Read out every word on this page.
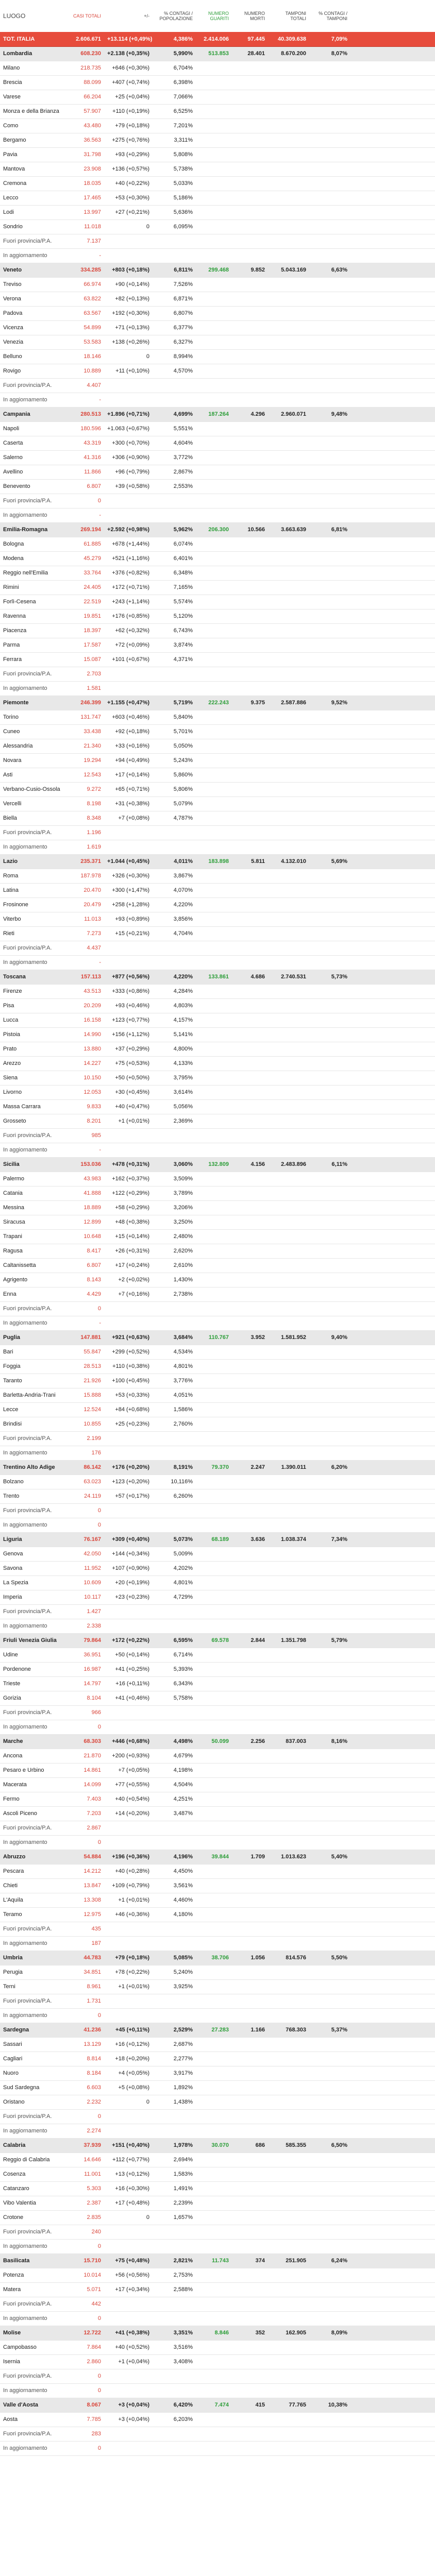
LUOGO	CASI TOTALI	+/-	% CONTAGI / POPOLAZIONE	NUMERO GUARITI	NUMERO MORTI	TAMPONI TOTALI	% CONTAGI / TAMPONI		
TOT. ITALIA	2.606.671	+13.114 (+0,49%)	4,386%	2.414.006	97.445	40.309.638	7,09%		
Lombardia	608.230	+2.138 (+0,35%)	5,990%	513.853	28.401	8.670.200	8,07%		
Milano	218.735	+646 (+0,30%)	6,704%						
Brescia	88.099	+407 (+0,74%)	6,398%						
Varese	66.204	+25 (+0,04%)	7,066%						
Monza e della Brianza	57.907	+110 (+0,19%)	6,525%						
Como	43.480	+79 (+0,18%)	7,201%						
Bergamo	36.563	+275 (+0,76%)	3,311%						
Pavia	31.798	+93 (+0,29%)	5,808%						
Mantova	23.908	+136 (+0,57%)	5,738%						
Cremona	18.035	+40 (+0,22%)	5,033%						
Lecco	17.465	+53 (+0,30%)	5,186%						
Lodi	13.997	+27 (+0,21%)	5,636%						
Sondrio	11.018	0	6,095%						
Fuori provincia/P.A.	7.137								
In aggiornamento	-								
Veneto	334.285	+803 (+0,18%)	6,811%	299.468	9.852	5.043.169	6,63%		
Treviso	66.974	+90 (+0,14%)	7,526%						
Verona	63.822	+82 (+0,13%)	6,871%						
Padova	63.567	+192 (+0,30%)	6,807%						
Vicenza	54.899	+71 (+0,13%)	6,377%						
Venezia	53.583	+138 (+0,26%)	6,327%						
Belluno	18.146	0	8,994%						
Rovigo	10.889	+11 (+0,10%)	4,570%						
Fuori provincia/P.A.	4.407								
In aggiornamento	-								
Campania	280.513	+1.896 (+0,71%)	4,699%	187.264	4.296	2.960.071	9,48%		
Napoli	180.596	+1.063 (+0,67%)	5,551%						
Caserta	43.319	+300 (+0,70%)	4,604%						
Salerno	41.316	+306 (+0,90%)	3,772%						
Avellino	11.866	+96 (+0,79%)	2,867%						
Benevento	6.807	+39 (+0,58%)	2,553%						
Fuori provincia/P.A.	0								
In aggiornamento	-								
Emilia-Romagna	269.194	+2.592 (+0,98%)	5,962%	206.300	10.566	3.663.639	6,81%		
Bologna	61.885	+678 (+1,44%)	6,074%						
Modena	45.279	+521 (+1,16%)	6,401%						
Reggio nell'Emilia	33.764	+376 (+0,82%)	6,348%						
Rimini	24.405	+172 (+0,71%)	7,165%						
Forlì-Cesena	22.519	+243 (+1,14%)	5,574%						
Ravenna	19.851	+176 (+0,85%)	5,120%						
Piacenza	18.397	+62 (+0,32%)	6,743%						
Parma	17.587	+72 (+0,09%)	3,874%						
Ferrara	15.087	+101 (+0,67%)	4,371%						
Fuori provincia/P.A.	2.703								
In aggiornamento	1.581								
Piemonte	246.399	+1.155 (+0,47%)	5,719%	222.243	9.375	2.587.886	9,52%		
Torino	131.747	+603 (+0,46%)	5,840%						
Cuneo	33.438	+92 (+0,18%)	5,701%						
Alessandria	21.340	+33 (+0,16%)	5,050%						
Novara	19.294	+94 (+0,49%)	5,243%						
Asti	12.543	+17 (+0,14%)	5,860%						
Verbano-Cusio-Ossola	9.272	+65 (+0,71%)	5,806%						
Vercelli	8.198	+31 (+0,38%)	5,079%						
Biella	8.348	+7 (+0,08%)	4,787%						
Fuori provincia/P.A.	1.196								
In aggiornamento	1.619								
Lazio	235.371	+1.044 (+0,45%)	4,011%	183.898	5.811	4.132.010	5,69%		
Roma	187.978	+326 (+0,30%)	3,867%						
Latina	20.470	+300 (+1,47%)	4,070%						
Frosinone	20.479	+258 (+1,28%)	4,220%						
Viterbo	11.013	+93 (+0,89%)	3,856%						
Rieti	7.273	+15 (+0,21%)	4,704%						
Fuori provincia/P.A.	4.437								
In aggiornamento	-								
Toscana	157.113	+877 (+0,56%)	4,220%	133.861	4.686	2.740.531	5,73%		
Firenze	43.513	+333 (+0,86%)	4,284%						
Pisa	20.209	+93 (+0,46%)	4,803%						
Lucca	16.158	+123 (+0,77%)	4,157%						
Pistoia	14.990	+156 (+1,12%)	5,141%						
Prato	13.880	+37 (+0,29%)	4,800%						
Arezzo	14.227	+75 (+0,53%)	4,133%						
Siena	10.150	+50 (+0,50%)	3,795%						
Livorno	12.053	+30 (+0,45%)	3,614%						
Massa Carrara	9.833	+40 (+0,47%)	5,056%						
Grosseto	8.201	+1 (+0,01%)	2,369%						
Fuori provincia/P.A.	985								
In aggiornamento	-								
Sicilia	153.036	+478 (+0,31%)	3,060%	132.809	4.156	2.483.896	6,11%		
Palermo	43.983	+162 (+0,37%)	3,509%						
Catania	41.888	+122 (+0,29%)	3,789%						
Messina	18.889	+58 (+0,29%)	3,206%						
Siracusa	12.899	+48 (+0,38%)	3,250%						
Trapani	10.648	+15 (+0,14%)	2,480%						
Ragusa	8.417	+26 (+0,31%)	2,620%						
Caltanissetta	6.807	+17 (+0,24%)	2,610%						
Agrigento	8.143	+2 (+0,02%)	1,430%						
Enna	4.429	+7 (+0,16%)	2,738%						
Fuori provincia/P.A.	0								
In aggiornamento	-								
Puglia	147.881	+921 (+0,63%)	3,684%	110.767	3.952	1.581.952	9,40%		
Bari	55.847	+299 (+0,52%)	4,534%						
Foggia	28.513	+110 (+0,38%)	4,801%						
Taranto	21.926	+100 (+0,45%)	3,776%						
Barletta-Andria-Trani	15.888	+53 (+0,33%)	4,051%						
Lecce	12.524	+84 (+0,68%)	1,586%						
Brindisi	10.855	+25 (+0,23%)	2,760%						
Fuori provincia/P.A.	2.199								
In aggiornamento	176								
Trentino Alto Adige	86.142	+176 (+0,20%)	8,191%	79.370	2.247	1.390.011	6,20%		
Bolzano	63.023	+123 (+0,20%)	10,116%						
Trento	24.119	+57 (+0,17%)	6,260%						
Fuori provincia/P.A.	0								
In aggiornamento	0								
Liguria	76.167	+309 (+0,40%)	5,073%	68.189	3.636	1.038.374	7,34%		
Genova	42.050	+144 (+0,34%)	5,009%						
Savona	11.952	+107 (+0,90%)	4,202%						
La Spezia	10.609	+20 (+0,19%)	4,801%						
Imperia	10.117	+23 (+0,23%)	4,729%						
Fuori provincia/P.A.	1.427								
In aggiornamento	2.338								
Friuli Venezia Giulia	79.864	+172 (+0,22%)	6,595%	69.578	2.844	1.351.798	5,79%		
Udine	36.951	+50 (+0,14%)	6,714%						
Pordenone	16.987	+41 (+0,25%)	5,393%						
Trieste	14.797	+16 (+0,11%)	6,343%						
Gorizia	8.104	+41 (+0,46%)	5,758%						
Fuori provincia/P.A.	966								
In aggiornamento	0								
Marche	68.303	+446 (+0,68%)	4,498%	50.099	2.256	837.003	8,16%		
Ancona	21.870	+200 (+0,93%)	4,679%						
Pesaro e Urbino	14.861	+7 (+0,05%)	4,198%						
Macerata	14.099	+77 (+0,55%)	4,504%						
Fermo	7.403	+40 (+0,54%)	4,251%						
Ascoli Piceno	7.203	+14 (+0,20%)	3,487%						
Fuori provincia/P.A.	2.867								
In aggiornamento	0								
Abruzzo	54.884	+196 (+0,36%)	4,196%	39.844	1.709	1.013.623	5,40%		
Pescara	14.212	+40 (+0,28%)	4,450%						
Chieti	13.847	+109 (+0,79%)	3,561%						
L'Aquila	13.308	+1 (+0,01%)	4,460%						
Teramo	12.975	+46 (+0,36%)	4,180%						
Fuori provincia/P.A.	435								
In aggiornamento	187								
Umbria	44.783	+79 (+0,18%)	5,085%	38.706	1.056	814.576	5,50%		
Perugia	34.851	+78 (+0,22%)	5,240%						
Terni	8.961	+1 (+0,01%)	3,925%						
Fuori provincia/P.A.	1.731								
In aggiornamento	0								
Sardegna	41.236	+45 (+0,11%)	2,529%	27.283	1.166	768.303	5,37%		
Sassari	13.129	+16 (+0,12%)	2,687%						
Cagliari	8.814	+18 (+0,20%)	2,277%						
Nuoro	8.184	+4 (+0,05%)	3,917%						
Sud Sardegna	6.603	+5 (+0,08%)	1,892%						
Oristano	2.232	0	1,438%						
Fuori provincia/P.A.	0								
In aggiornamento	2.274								
Calabria	37.939	+151 (+0,40%)	1,978%	30.070	686	585.355	6,50%		
Reggio di Calabria	14.646	+112 (+0,77%)	2,694%						
Cosenza	11.001	+13 (+0,12%)	1,583%						
Catanzaro	5.303	+16 (+0,30%)	1,491%						
Vibo Valentia	2.387	+17 (+0,48%)	2,239%						
Crotone	2.835	0	1,657%						
Fuori provincia/P.A.	240								
In aggiornamento	0								
Basilicata	15.710	+75 (+0,48%)	2,821%	11.743	374	251.905	6,24%		
Potenza	10.014	+56 (+0,56%)	2,753%						
Matera	5.071	+17 (+0,34%)	2,588%						
Fuori provincia/P.A.	442								
In aggiornamento	0								
Molise	12.722	+41 (+0,38%)	3,351%	8.846	352	162.905	8,09%		
Campobasso	7.864	+40 (+0,52%)	3,516%						
Isernia	2.860	+1 (+0,04%)	3,408%						
Fuori provincia/P.A.	0								
In aggiornamento	0								
Valle d'Aosta	8.067	+3 (+0,04%)	6,420%	7.474	415	77.765	10,38%		
Aosta	7.785	+3 (+0,04%)	6,203%						
Fuori provincia/P.A.	283								
In aggiornamento	0								
